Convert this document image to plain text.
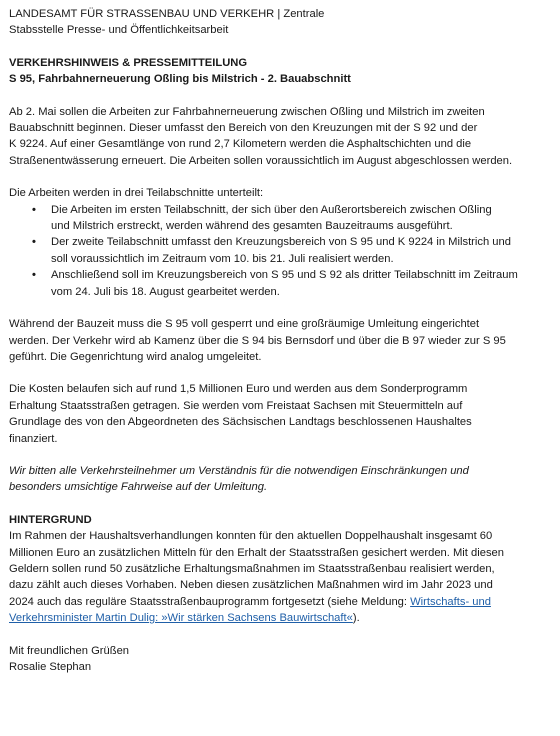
LANDESAMT FÜR STRASSENBAU UND VERKEHR | Zentrale

Stabsstelle Presse- und Öffentlichkeitsarbeit

VERKEHRSHINWEIS & PRESSEMITTEILUNG

S 95, Fahrbahnerneuerung Oßling bis Milstrich - 2. Bauabschnitt

Ab 2. Mai sollen die Arbeiten zur Fahrbahnerneuerung zwischen Oßling und Milstrich im zweiten

Bauabschnitt beginnen. Dieser umfasst den Bereich von den Kreuzungen mit der S 92 und der

K 9224. Auf einer Gesamtlänge von rund 2,7 Kilometern werden die Asphaltschichten und die

Straßenentwässerung erneuert. Die Arbeiten sollen voraussichtlich im August abgeschlossen werden.

Die Arbeiten werden in drei Teilabschnitte unterteilt:

• Die Arbeiten im ersten Teilabschnitt, der sich über den Außerortsbereich zwischen Oßling

und Milstrich erstreckt, werden während des gesamten Bauzeitraums ausgeführt.

• Der zweite Teilabschnitt umfasst den Kreuzungsbereich von S 95 und K 9224 in Milstrich und

soll voraussichtlich im Zeitraum vom 10. bis 21. Juli realisiert werden.

• Anschließend soll im Kreuzungsbereich von S 95 und S 92 als dritter Teilabschnitt im Zeitraum

vom 24. Juli bis 18. August gearbeitet werden.

Während der Bauzeit muss die S 95 voll gesperrt und eine großräumige Umleitung eingerichtet

werden. Der Verkehr wird ab Kamenz über die S 94 bis Bernsdorf und über die B 97 wieder zur S 95

geführt. Die Gegenrichtung wird analog umgeleitet.

Die Kosten belaufen sich auf rund 1,5 Millionen Euro und werden aus dem Sonderprogramm

Erhaltung Staatsstraßen getragen. Sie werden vom Freistaat Sachsen mit Steuermitteln auf

Grundlage des von den Abgeordneten des Sächsischen Landtags beschlossenen Haushaltes

finanziert.

Wir bitten alle Verkehrsteilnehmer um Verständnis für die notwendigen Einschränkungen und

besonders umsichtige Fahrweise auf der Umleitung.

HINTERGRUND

Im Rahmen der Haushaltsverhandlungen konnten für den aktuellen Doppelhaushalt insgesamt 60

Millionen Euro an zusätzlichen Mitteln für den Erhalt der Staatsstraßen gesichert werden. Mit diesen

Geldern sollen rund 50 zusätzliche Erhaltungsmaßnahmen im Staatsstraßenbau realisiert werden,

dazu zählt auch dieses Vorhaben. Neben diesen zusätzlichen Maßnahmen wird im Jahr 2023 und

2024 auch das reguläre Staatsstraßenbauprogramm fortgesetzt (siehe Meldung: Wirtschafts- und

Verkehrsminister Martin Dulig: »Wir stärken Sachsens Bauwirtschaft«).

Mit freundlichen Grüßen

Rosalie Stephan
